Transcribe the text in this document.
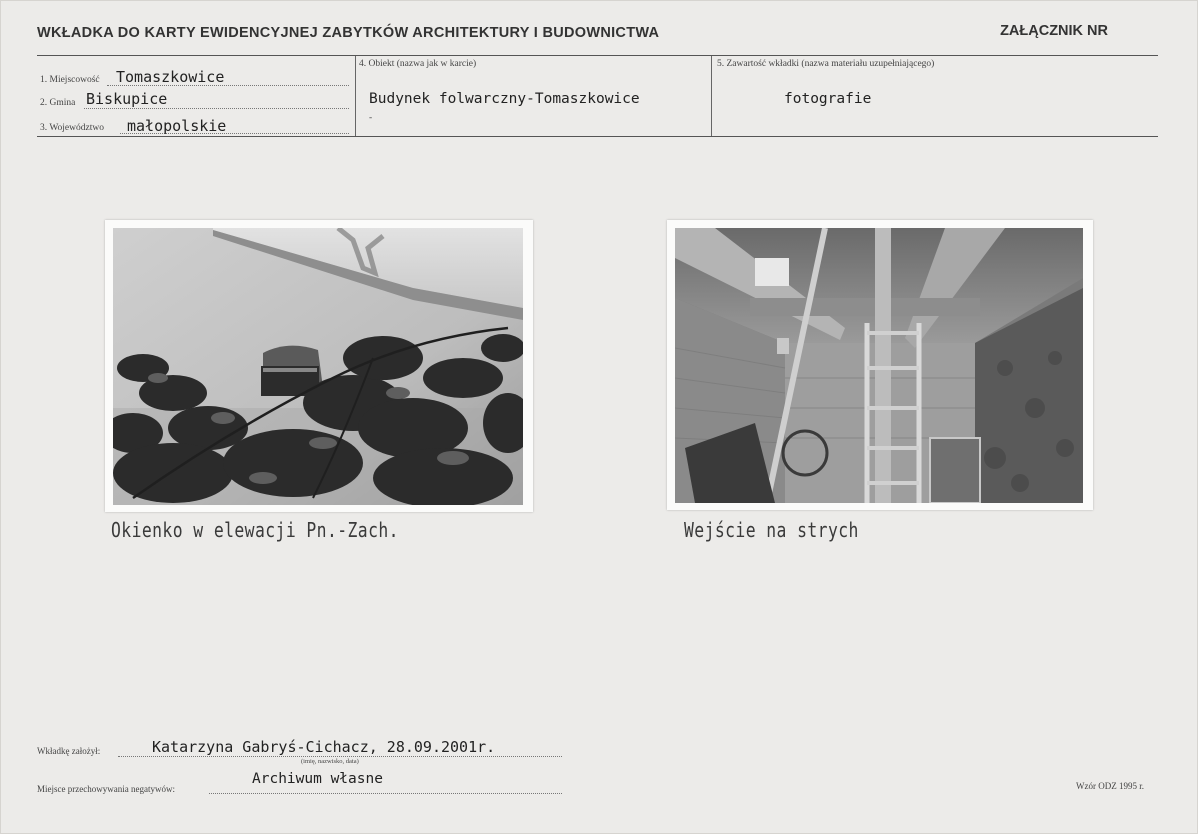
WKŁADKA DO KARTY EWIDENCYJNEJ ZABYTKÓW ARCHITEKTURY I BUDOWNICTWA	ZAŁĄCZNIK NR
1. Miejscowość Tomaszkowice
2. Gmina Biskupice
3. Województwo małopolskie
4. Obiekt (nazwa jak w karcie)
Budynek folwarczny-Tomaszkowice
-
5. Zawartość wkładki (nazwa materiału uzupełniającego)
fotografie
Okienko w elewacji Pn.-Zach.	Wejście na strych
Wkładkę założył:	Katarzyna Gabryś-Cichacz, 28.09.2001r.
(imię, nazwisko, data)
Miejsce przechowywania negatywów:
Archiwum własne	Wzór ODZ 1995 r.
